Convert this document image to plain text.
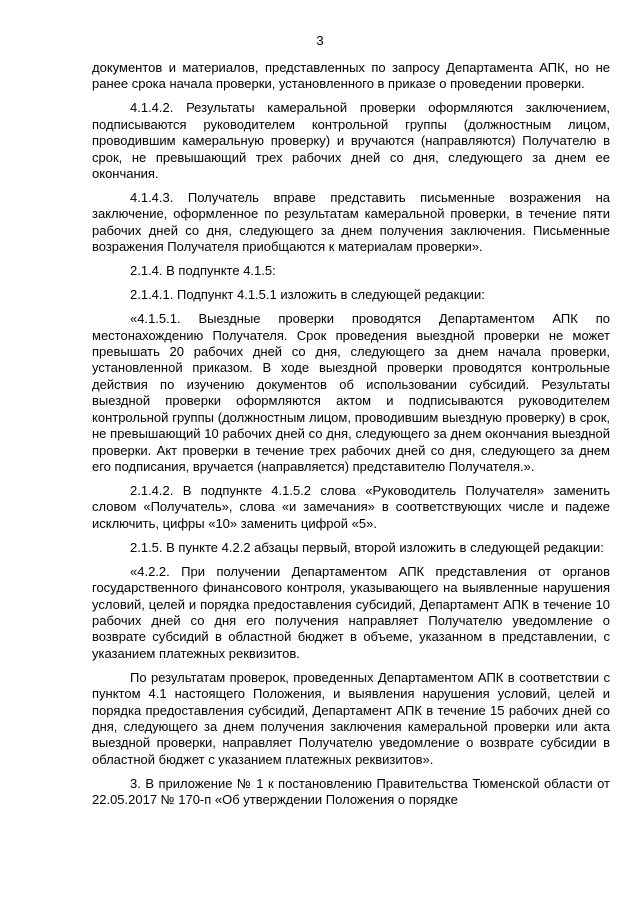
3

документов и материалов, представленных по запросу Департамента АПК, но не ранее срока начала проверки, установленного в приказе о проведении проверки.

4.1.4.2. Результаты камеральной проверки оформляются заключением, подписываются руководителем контрольной группы (должностным лицом, проводившим камеральную проверку) и вручаются (направляются) Получателю в срок, не превышающий трех рабочих дней со дня, следующего за днем ее окончания.

4.1.4.3. Получатель вправе представить письменные возражения на заключение, оформленное по результатам камеральной проверки, в течение пяти рабочих дней со дня, следующего за днем получения заключения. Письменные возражения Получателя приобщаются к материалам проверки».

2.1.4. В подпункте 4.1.5:

2.1.4.1. Подпункт 4.1.5.1 изложить в следующей редакции:

«4.1.5.1. Выездные проверки проводятся Департаментом АПК по местонахождению Получателя. Срок проведения выездной проверки не может превышать 20 рабочих дней со дня, следующего за днем начала проверки, установленной приказом. В ходе выездной проверки проводятся контрольные действия по изучению документов об использовании субсидий. Результаты выездной проверки оформляются актом и подписываются руководителем контрольной группы (должностным лицом, проводившим выездную проверку) в срок, не превышающий 10 рабочих дней со дня, следующего за днем окончания выездной проверки. Акт проверки в течение трех рабочих дней со дня, следующего за днем его подписания, вручается (направляется) представителю Получателя.».

2.1.4.2. В подпункте 4.1.5.2 слова «Руководитель Получателя» заменить словом «Получатель», слова «и замечания» в соответствующих числе и падеже исключить, цифры «10» заменить цифрой «5».

2.1.5. В пункте 4.2.2 абзацы первый, второй изложить в следующей редакции:

«4.2.2. При получении Департаментом АПК представления от органов государственного финансового контроля, указывающего на выявленные нарушения условий, целей и порядка предоставления субсидий, Департамент АПК в течение 10 рабочих дней со дня его получения направляет Получателю уведомление о возврате субсидий в областной бюджет в объеме, указанном в представлении, с указанием платежных реквизитов.

По результатам проверок, проведенных Департаментом АПК в соответствии с пунктом 4.1 настоящего Положения, и выявления нарушения условий, целей и порядка предоставления субсидий, Департамент АПК в течение 15 рабочих дней со дня, следующего за днем получения заключения камеральной проверки или акта выездной проверки, направляет Получателю уведомление о возврате субсидии в областной бюджет с указанием платежных реквизитов».

3. В приложение № 1 к постановлению Правительства Тюменской области от 22.05.2017 № 170-п «Об утверждении Положения о порядке
